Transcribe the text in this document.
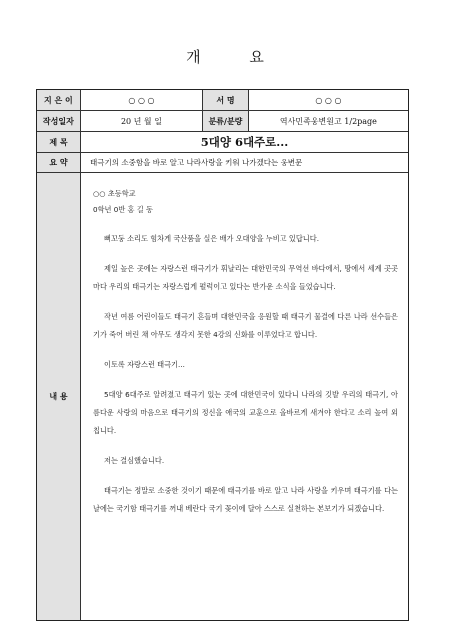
개 요
지 은 이	○ ○ ○	서 명	○ ○ ○
작성일자	20 년 월 일	분류/분량	역사민족웅변원고 1/2page
제 목	5대양 6대주로...
요 약	태극기의 소중함을 바로 알고 나라사랑을 키워 나가겠다는 웅변문
내 용

○○ 초등학교

0학년 0반 홍 길 동

뻐꼬둥 소리도 힘차게 국산품을 실은 배가 오대양을 누비고 있답니다.

제일 높은 곳에는 자랑스런 태극기가 휘날리는 대한민국의 무역선 바다에서, 땅에서 세계 곳곳마다 우리의 태극기는 자랑스럽게 펄럭이고 있다는 반가운 소식을 들었습니다.

작년 여름 어린이들도 태극기 흔들며 대한민국을 응원할 때 태극기 물결에 다른 나라 선수들은 기가 죽어 버린 채 아무도 생각지 못한 4강의 신화를 이루었다고 합니다.

이토록 자랑스런 태극기...

5대양 6대주로 알려졌고 태극기 있는 곳에 대한민국이 있다니 나라의 깃발 우리의 태극기, 아름다운 사랑의 마음으로 태극기의 정신을 애국의 교훈으로 올바르게 새겨야 한다고 소리 높여 외칩니다.

저는 결심했습니다.

태극기는 정말로 소중한 것이기 때문에 태극기를 바로 알고 나라 사랑을 키우며 태극기를 다는 날에는 국기함 태극기를 꺼내 베란다 국기 꽂이에 달아 스스로 실천하는 본보기가 되겠습니다.
